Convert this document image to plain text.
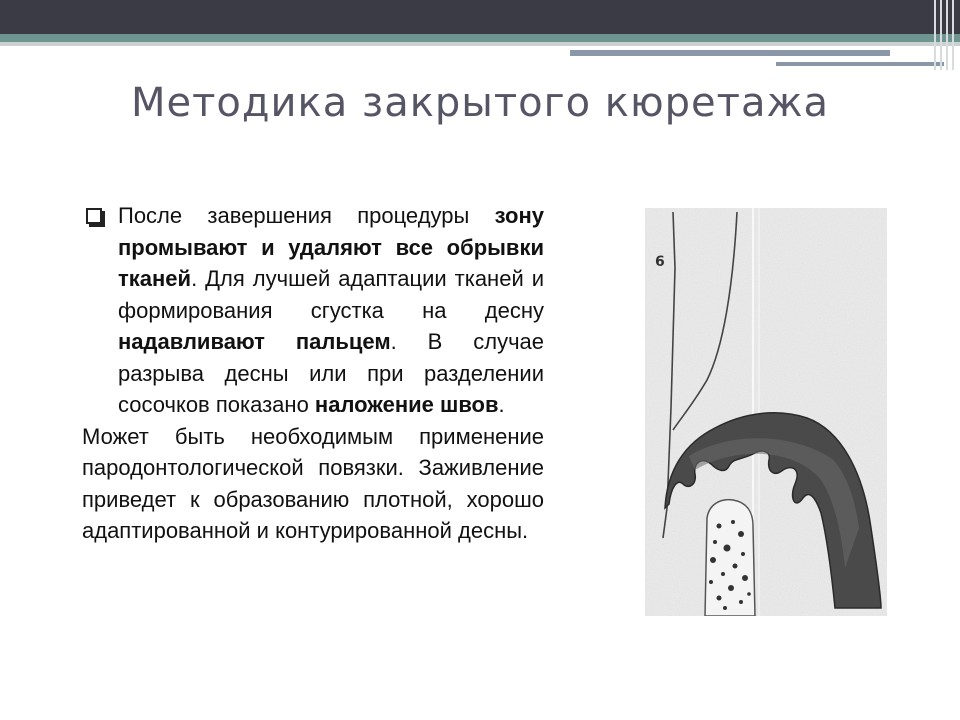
Методика закрытого кюретажа

После завершения процедуры зону промывают и удаляют все обрывки тканей. Для лучшей адаптации тканей и формирования сгустка на десну надавливают пальцем. В случае разрыва десны или при разделении сосочков показано наложение швов.

Может быть необходимым применение пародонтологической повязки. Заживление приведет к образованию плотной, хорошо адаптированной и контурированной десны.

6
